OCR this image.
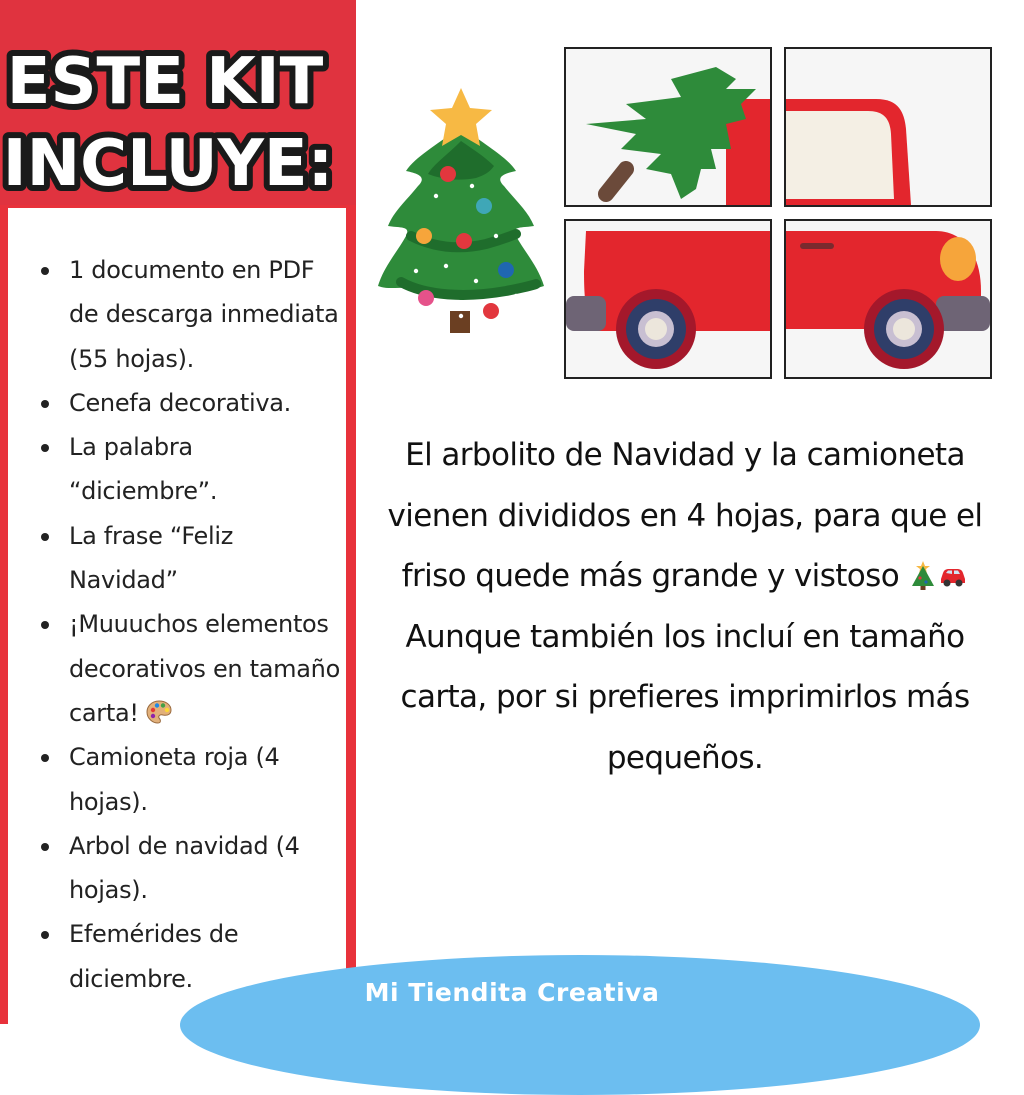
ESTE KIT
INCLUYE:
1 documento en PDF de descarga inmediata (55 hojas).
Cenefa decorativa.
La palabra “diciembre”.
La frase “Feliz Navidad”
¡Muuuchos elementos decorativos en tamaño carta!
Camioneta roja (4 hojas).
Arbol de navidad (4 hojas).
Efemérides de diciembre.

El arbolito de Navidad y la camioneta vienen divididos en 4 hojas, para que el friso quede más grande y vistoso

Aunque también los incluí en tamaño carta, por si prefieres imprimirlos más pequeños.

Mi Tiendita Creativa
